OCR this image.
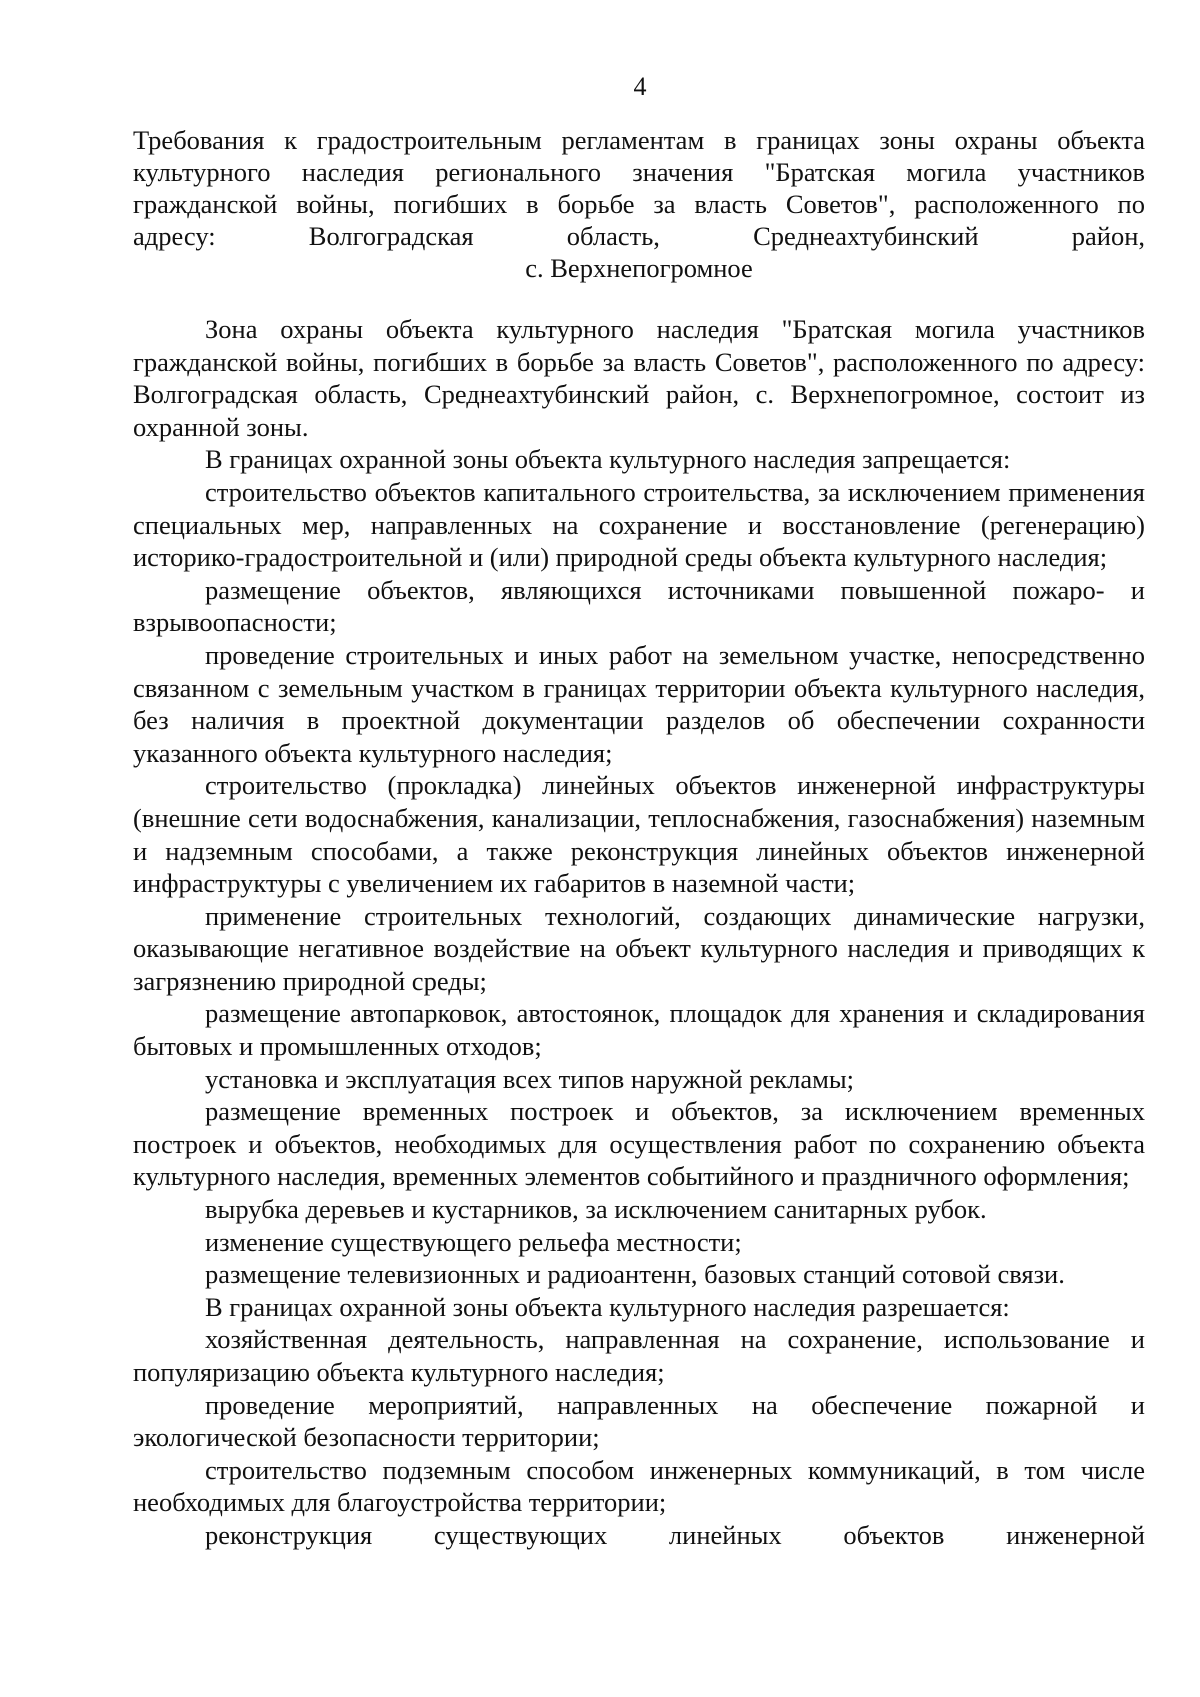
4
Требования к градостроительным регламентам в границах зоны охраны объекта
культурного наследия регионального значения "Братская могила участников
гражданской войны, погибших в борьбе за власть Советов", расположенного по
адресу: Волгоградская область, Среднеахтубинский район,
с. Верхнепогромное

Зона охраны объекта культурного наследия "Братская могила участников гражданской войны, погибших в борьбе за власть Советов", расположенного по адресу: Волгоградская область, Среднеахтубинский район, с. Верхнепогромное, состоит из охранной зоны.

В границах охранной зоны объекта культурного наследия запрещается:

строительство объектов капитального строительства, за исключением применения специальных мер, направленных на сохранение и восстановление (регенерацию) историко-градостроительной и (или) природной среды объекта культурного наследия;

размещение объектов, являющихся источниками повышенной пожаро- и взрывоопасности;

проведение строительных и иных работ на земельном участке, непосредственно связанном с земельным участком в границах территории объекта культурного наследия, без наличия в проектной документации разделов об обеспечении сохранности указанного объекта культурного наследия;

строительство (прокладка) линейных объектов инженерной инфраструктуры (внешние сети водоснабжения, канализации, теплоснабжения, газоснабжения) наземным и надземным способами, а также реконструкция линейных объектов инженерной инфраструктуры с увеличением их габаритов в наземной части;

применение строительных технологий, создающих динамические нагрузки, оказывающие негативное воздействие на объект культурного наследия и приводящих к загрязнению природной среды;

размещение автопарковок, автостоянок, площадок для хранения и складирования бытовых и промышленных отходов;

установка и эксплуатация всех типов наружной рекламы;

размещение временных построек и объектов, за исключением временных построек и объектов, необходимых для осуществления работ по сохранению объекта культурного наследия, временных элементов событийного и праздничного оформления;

вырубка деревьев и кустарников, за исключением санитарных рубок.

изменение существующего рельефа местности;

размещение телевизионных и радиоантенн, базовых станций сотовой связи.

В границах охранной зоны объекта культурного наследия разрешается:

хозяйственная деятельность, направленная на сохранение, использование и популяризацию объекта культурного наследия;

проведение мероприятий, направленных на обеспечение пожарной и экологической безопасности территории;

строительство подземным способом инженерных коммуникаций, в том числе необходимых для благоустройства территории;

реконструкция существующих линейных объектов инженерной
